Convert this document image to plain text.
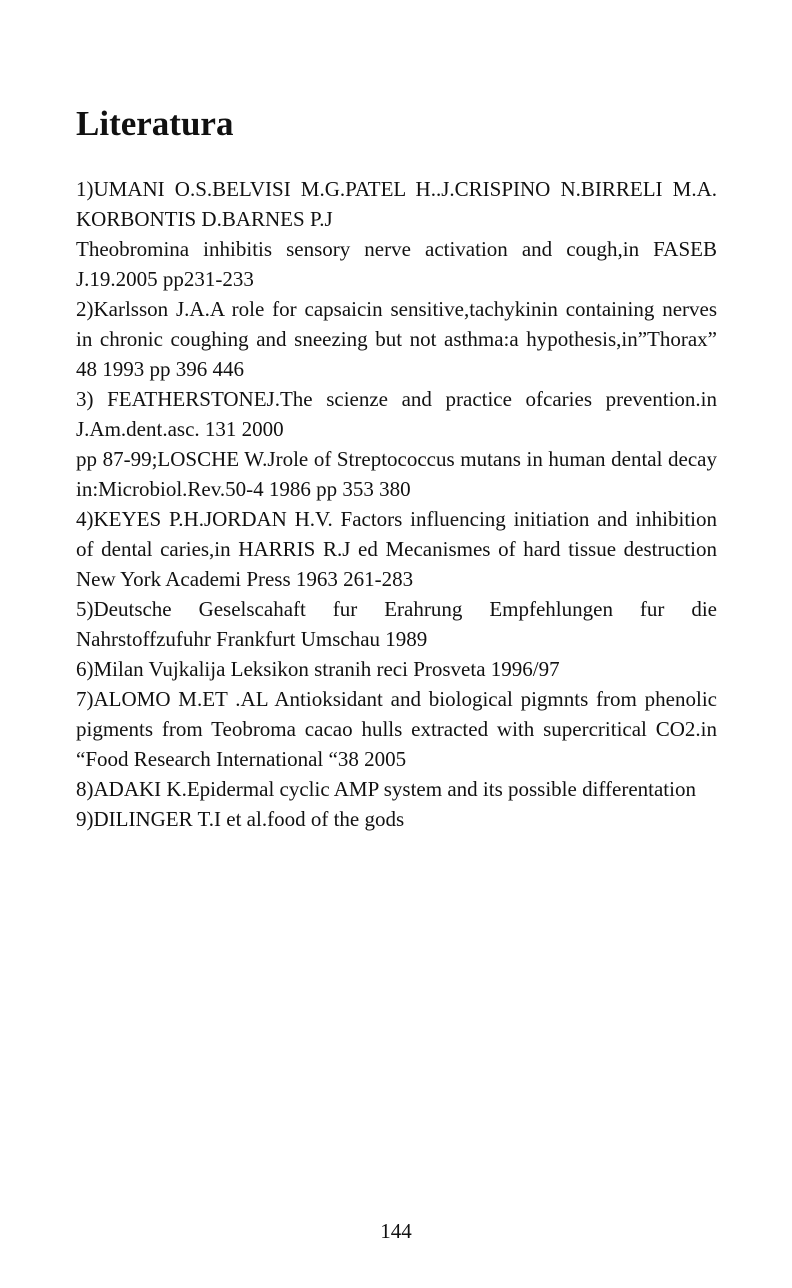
Literatura

1)UMANI O.S.BELVISI M.G.PATEL H..J.CRISPINO N.BIRRELI M.A. KORBONTIS D.BARNES P.J

Theobromina inhibitis sensory nerve activation and cough,in FASEB J.19.2005 pp231-233

2)Karlsson J.A.A role for capsaicin sensitive,tachykinin containing nerves in chronic coughing and sneezing but not asthma:a hypothesis,in”Thorax” 48 1993 pp 396 446

3) FEATHERSTONEJ.The scienze and practice ofcaries prevention.in J.Am.dent.asc. 131 2000

pp 87-99;LOSCHE W.Jrole of Streptococcus mutans in human dental decay in:Microbiol.Rev.50-4 1986 pp 353 380

4)KEYES P.H.JORDAN H.V. Factors influencing initiation and inhibition of dental caries,in HARRIS R.J ed Mecanismes of hard tissue destruction New York Academi Press 1963 261-283

5)Deutsche Geselscahaft fur Erahrung Empfehlungen fur die Nahrstoffzufuhr Frankfurt Umschau 1989

6)Milan Vujkalija Leksikon stranih reci Prosveta 1996/97

7)ALOMO M.ET .AL Antioksidant and biological pigmnts from phenolic pigments from Teobroma cacao hulls extracted with supercritical CO2.in “Food Research International “38 2005

8)ADAKI K.Epidermal cyclic AMP system and its possible differentation

9)DILINGER T.I et al.food of the gods

144
